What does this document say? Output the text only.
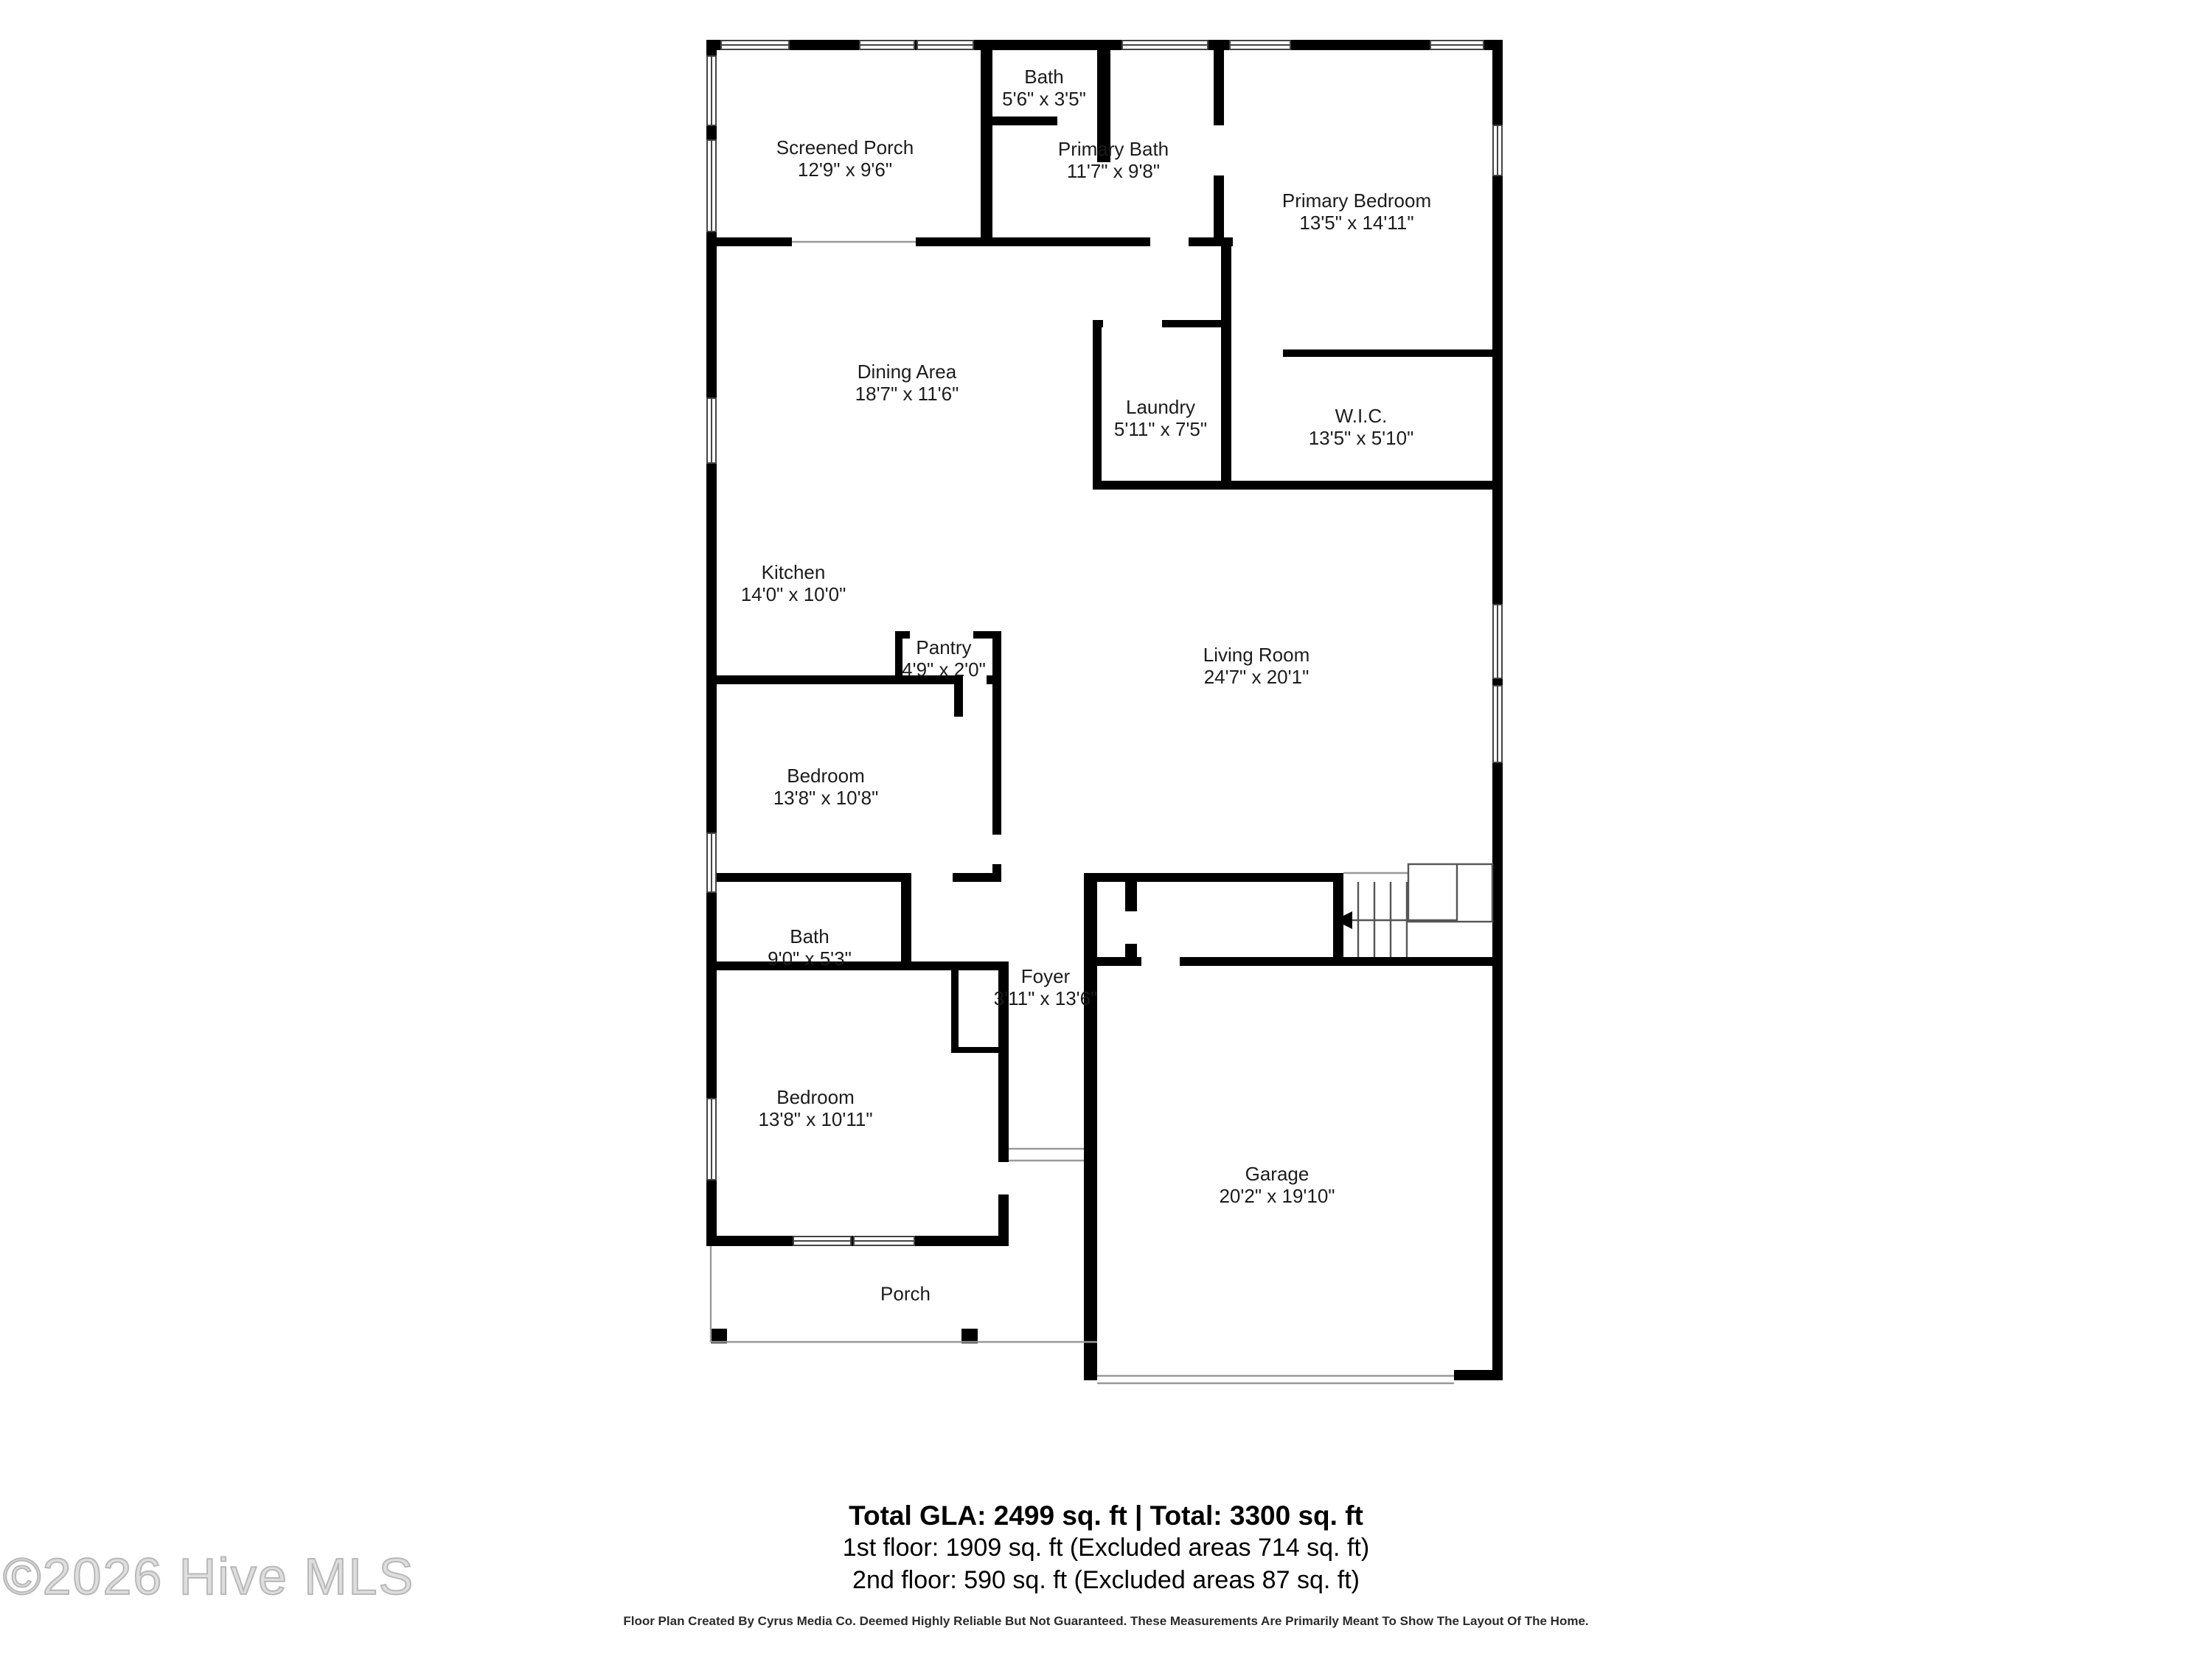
Screened Porch
12'9" x 9'6"
Bath
5'6" x 3'5"
Primary Bath
11'7" x 9'8"
Primary Bedroom
13'5" x 14'11"
Dining Area
18'7" x 11'6"
Laundry
5'11" x 7'5"
W.I.C.
13'5" x 5'10"
Kitchen
14'0" x 10'0"
Pantry
4'9" x 2'0"
Living Room
24'7" x 20'1"
Bedroom
13'8" x 10'8"
Bath
9'0" x 5'3"
Foyer
3'11" x 13'6"
Bedroom
13'8" x 10'11"
Garage
20'2" x 19'10"
Porch
Total GLA: 2499 sq. ft | Total: 3300 sq. ft
1st floor: 1909 sq. ft (Excluded areas 714 sq. ft)
2nd floor: 590 sq. ft (Excluded areas 87 sq. ft)
Floor Plan Created By Cyrus Media Co. Deemed Highly Reliable But Not Guaranteed. These Measurements Are Primarily Meant To Show The Layout Of The Home.
©2026 Hive MLS
